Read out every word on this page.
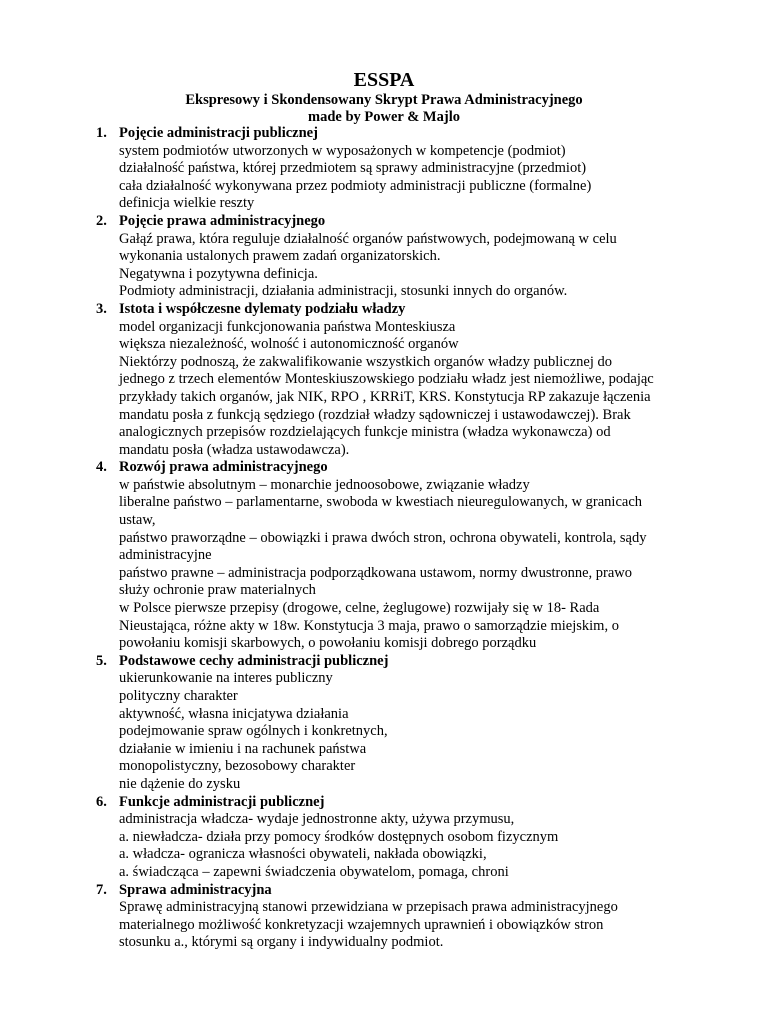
ESSPA
Ekspresowy i Skondensowany Skrypt Prawa Administracyjnego
made by Power & Majlo
1. Pojęcie administracji publicznej
system podmiotów utworzonych w wyposażonych w kompetencje (podmiot)
działalność państwa, której przedmiotem są sprawy administracyjne (przedmiot)
cała działalność wykonywana przez podmioty administracji publiczne (formalne)
definicja wielkie reszty
2. Pojęcie prawa administracyjnego
Gałąź prawa, która reguluje działalność organów państwowych, podejmowaną w celu
wykonania ustalonych prawem zadań organizatorskich.
Negatywna i pozytywna definicja.
Podmioty administracji, działania administracji, stosunki innych do organów.
3. Istota i współczesne dylematy podziału władzy
model organizacji funkcjonowania państwa Monteskiusza
większa niezależność, wolność i autonomiczność organów
Niektórzy podnoszą, że zakwalifikowanie wszystkich organów władzy publicznej do
jednego z trzech elementów Monteskiuszowskiego podziału władz jest niemożliwe, podając
przykłady takich organów, jak NIK, RPO , KRRiT, KRS. Konstytucja RP zakazuje łączenia
mandatu posła z funkcją sędziego (rozdział władzy sądowniczej i ustawodawczej). Brak
analogicznych przepisów rozdzielających funkcje ministra (władza wykonawcza) od
mandatu posła (władza ustawodawcza).
4. Rozwój prawa administracyjnego
w państwie absolutnym – monarchie jednoosobowe, związanie władzy
liberalne państwo – parlamentarne, swoboda w kwestiach nieuregulowanych, w granicach
ustaw,
państwo praworządne – obowiązki i prawa dwóch stron, ochrona obywateli, kontrola, sądy
administracyjne
państwo prawne – administracja podporządkowana ustawom, normy dwustronne, prawo
służy ochronie praw materialnych
w Polsce pierwsze przepisy (drogowe, celne, żeglugowe) rozwijały się w 18- Rada
Nieustająca, różne akty w 18w. Konstytucja 3 maja, prawo o samorządzie miejskim, o
powołaniu komisji skarbowych, o powołaniu komisji dobrego porządku
5. Podstawowe cechy administracji publicznej
ukierunkowanie na interes publiczny
polityczny charakter
aktywność, własna inicjatywa działania
podejmowanie spraw ogólnych i konkretnych,
działanie w imieniu i na rachunek państwa
monopolistyczny, bezosobowy charakter
nie dążenie do zysku
6. Funkcje administracji publicznej
administracja władcza- wydaje jednostronne akty, używa przymusu,
a. niewładcza- działa przy pomocy środków dostępnych osobom fizycznym
a. władcza- ogranicza własności obywateli, nakłada obowiązki,
a. świadcząca – zapewni świadczenia obywatelom, pomaga, chroni
7. Sprawa administracyjna
Sprawę administracyjną stanowi przewidziana w przepisach prawa administracyjnego
materialnego możliwość konkretyzacji wzajemnych uprawnień i obowiązków stron
stosunku a., którymi są organy i indywidualny podmiot.
